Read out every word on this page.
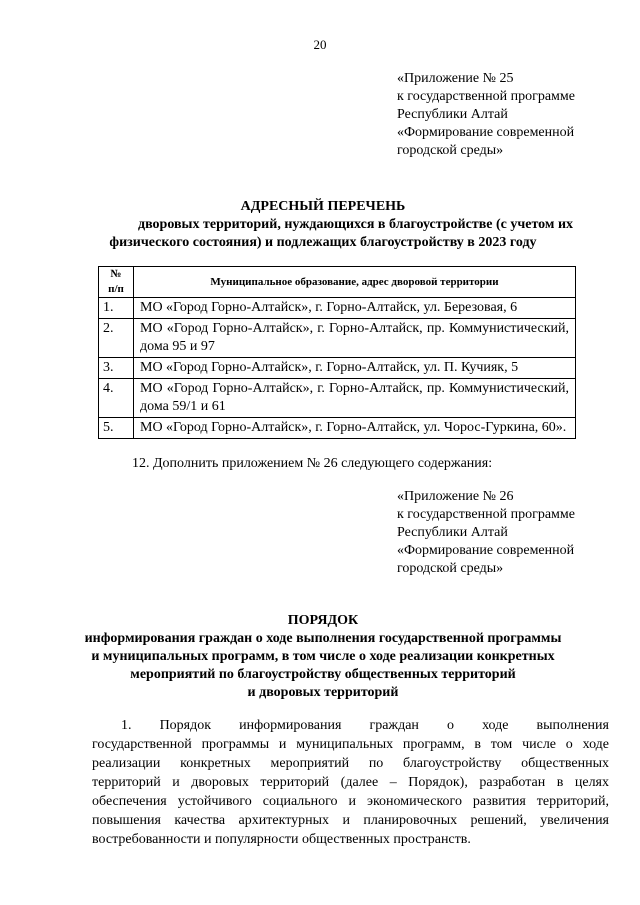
20
«Приложение № 25
к государственной программе
Республики Алтай
«Формирование современной
городской среды»
АДРЕСНЫЙ ПЕРЕЧЕНЬ
дворовых территорий, нуждающихся в благоустройстве (с учетом их
физического состояния) и подлежащих благоустройству в 2023 году
№
п/п	Муниципальное образование, адрес дворовой территории
1.	МО «Город Горно-Алтайск», г. Горно-Алтайск, ул. Березовая, 6
2.	МО «Город Горно-Алтайск», г. Горно-Алтайск, пр. Коммунистический, дома 95 и 97
3.	МО «Город Горно-Алтайск», г. Горно-Алтайск, ул. П. Кучияк, 5
4.	МО «Город Горно-Алтайск», г. Горно-Алтайск, пр. Коммунистический, дома 59/1 и 61
5.	МО «Город Горно-Алтайск», г. Горно-Алтайск, ул. Чорос-Гуркина, 60».
12. Дополнить приложением № 26 следующего содержания:
«Приложение № 26
к государственной программе
Республики Алтай
«Формирование современной
городской среды»
ПОРЯДОК
информирования граждан о ходе выполнения государственной программы
и муниципальных программ, в том числе о ходе реализации конкретных
мероприятий по благоустройству общественных территорий
и дворовых территорий
1. Порядок информирования граждан о ходе выполнения
государственной программы и муниципальных программ, в том числе о ходе
реализации конкретных мероприятий по благоустройству общественных
территорий и дворовых территорий (далее – Порядок), разработан в целях
обеспечения устойчивого социального и экономического развития территорий,
повышения качества архитектурных и планировочных решений, увеличения
востребованности и популярности общественных пространств.
